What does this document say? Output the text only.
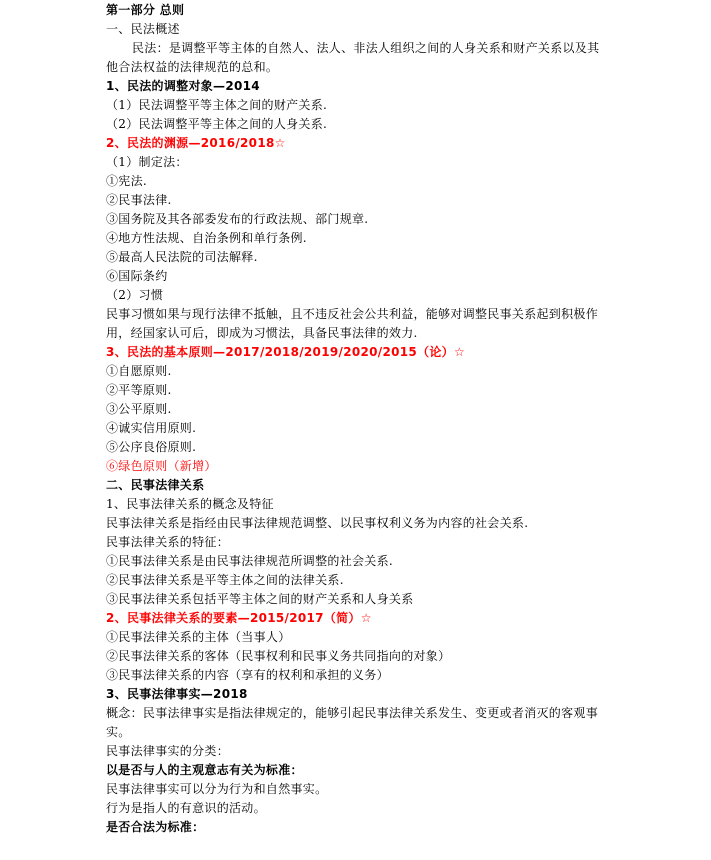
第一部分 总则
一、民法概述
民法：是调整平等主体的自然人、法人、非法人组织之间的人身关系和财产关系以及其
他合法权益的法律规范的总和。
1、民法的调整对象—2014
（1）民法调整平等主体之间的财产关系.
（2）民法调整平等主体之间的人身关系.
2、民法的渊源—2016/2018☆
（1）制定法：
①宪法.
②民事法律.
③国务院及其各部委发布的行政法规、部门规章.
④地方性法规、自治条例和单行条例.
⑤最高人民法院的司法解释.
⑥国际条约
（2）习惯
民事习惯如果与现行法律不抵触，且不违反社会公共利益，能够对调整民事关系起到积极作
用，经国家认可后，即成为习惯法，具备民事法律的效力.
3、民法的基本原则—2017/2018/2019/2020/2015（论）☆
①自愿原则.
②平等原则.
③公平原则.
④诚实信用原则.
⑤公序良俗原则.
⑥绿色原则（新增）
二、民事法律关系
1、民事法律关系的概念及特征
民事法律关系是指经由民事法律规范调整、以民事权利义务为内容的社会关系.
民事法律关系的特征：
①民事法律关系是由民事法律规范所调整的社会关系.
②民事法律关系是平等主体之间的法律关系.
③民事法律关系包括平等主体之间的财产关系和人身关系
2、民事法律关系的要素—2015/2017（简）☆
①民事法律关系的主体（当事人）
②民事法律关系的客体（民事权利和民事义务共同指向的对象）
③民事法律关系的内容（享有的权利和承担的义务）
3、民事法律事实—2018
概念：民事法律事实是指法律规定的，能够引起民事法律关系发生、变更或者消灭的客观事
实。
民事法律事实的分类：
以是否与人的主观意志有关为标准：
民事法律事实可以分为行为和自然事实。
行为是指人的有意识的活动。
是否合法为标准：
